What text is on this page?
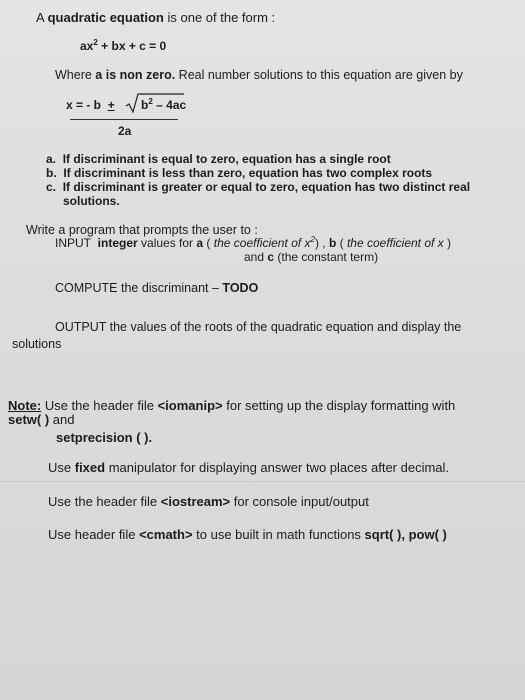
A quadratic equation is one of the form :
$ax^2$ + bx + c = 0
Where a is non zero. Real number solutions to this equation are given by
x = - $b + b^2 - 4ac$
2a
a. If discriminant is equal to zero, equation has a single root
b. If discriminant is less than zero, equation has two complex roots
c. If discriminant is greater or equal to zero, equation has two distinct real
solutions.
Write a program that prompts the user to :
INPUT integer values for a ( the coefficient of $x^2$) , b ( the coefficient of x )
and c (the constant term)
COMPUTE the discriminant – TODO
OUTPUT the values of the roots of the quadratic equation and display the
solutions
Note: Use the header file <iomanip> for setting up the display formatting with
setw( ) and
setprecision ( ).
Use fixed manipulator for displaying answer two places after decimal.
Use the header file <iostream> for console input/output
Use header file <cmath> to use built in math functions sqrt( ), pow( )
